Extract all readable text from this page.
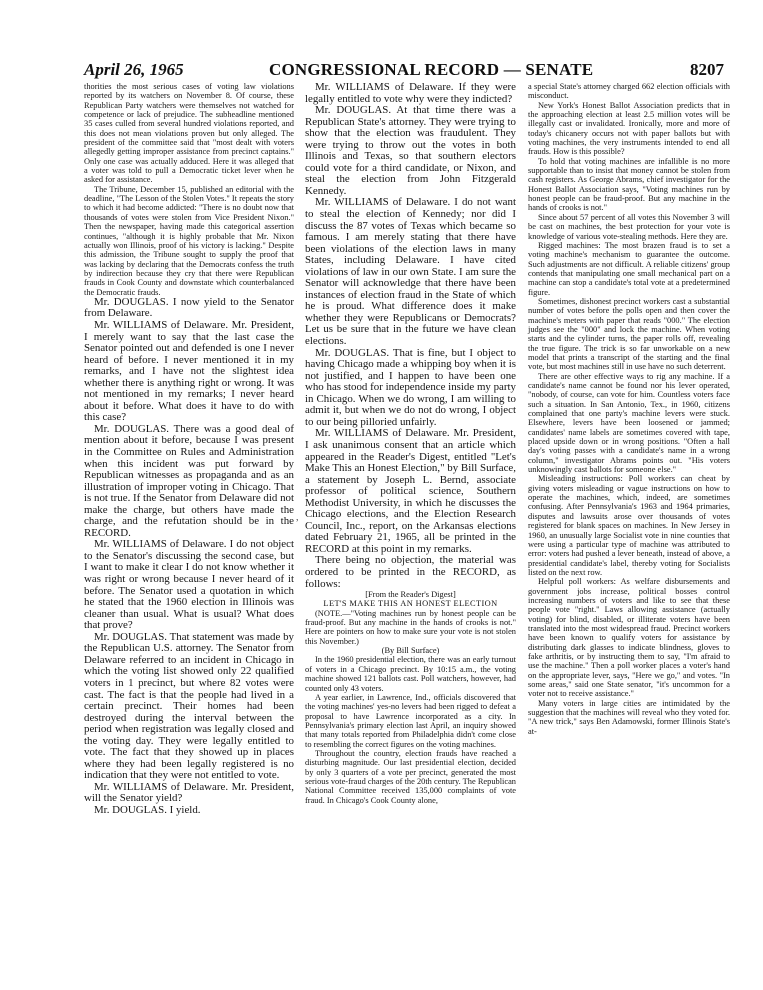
April 26, 1965	CONGRESSIONAL RECORD — SENATE	8207

thorities the most serious cases of voting law violations reported by its watchers on November 8. Of course, these Republican Party watchers were themselves not watched for competence or lack of prejudice. The subheadline mentioned 35 cases culled from several hundred violations reported, and this does not mean violations proven but only alleged. The president of the committee said that "most dealt with voters allegedly getting improper assistance from precinct captains." Only one case was actually adduced. Here it was alleged that a voter was told to pull a Democratic ticket lever when he asked for assistance.

The Tribune, December 15, published an editorial with the deadline, "The Lesson of the Stolen Votes." It repeats the story to which it had become addicted: "There is no doubt now that thousands of votes were stolen from Vice President Nixon." Then the newspaper, having made this categorical assertion continues, "although it is highly probable that Mr. Nixon actually won Illinois, proof of his victory is lacking." Despite this admission, the Tribune sought to supply the proof that was lacking by declaring that the Democrats confess the truth by indirection because they cry that there were Republican frauds in Cook County and downstate which counterbalanced the Democratic frauds.

Mr. DOUGLAS. I now yield to the Senator from Delaware.

Mr. WILLIAMS of Delaware. Mr. President, I merely want to say that the last case the Senator pointed out and defended is one I never heard of before. I never mentioned it in my remarks, and I have not the slightest idea whether there is anything right or wrong. It was not mentioned in my remarks; I never heard about it before. What does it have to do with this case?

Mr. DOUGLAS. There was a good deal of mention about it before, because I was present in the Committee on Rules and Administration when this incident was put forward by Republican witnesses as propaganda and as an illustration of improper voting in Chicago. That is not true. If the Senator from Delaware did not make the charge, but others have made the charge, and the refutation should be in the RECORD.

Mr. WILLIAMS of Delaware. I do not object to the Senator's discussing the second case, but I want to make it clear I do not know whether it was right or wrong because I never heard of it before. The Senator used a quotation in which he stated that the 1960 election in Illinois was cleaner than usual. What is usual? What does that prove?

Mr. DOUGLAS. That statement was made by the Republican U.S. attorney. The Senator from Delaware referred to an incident in Chicago in which the voting list showed only 22 qualified voters in 1 precinct, but where 82 votes were cast. The fact is that the people had lived in a certain precinct. Their homes had been destroyed during the interval between the period when registration was legally closed and the voting day. They were legally entitled to vote. The fact that they showed up in places where they had been legally registered is no indication that they were not entitled to vote.

Mr. WILLIAMS of Delaware. Mr. President, will the Senator yield?

Mr. DOUGLAS. I yield.

Mr. WILLIAMS of Delaware. If they were legally entitled to vote why were they indicted?

Mr. DOUGLAS. At that time there was a Republican State's attorney. They were trying to show that the election was fraudulent. They were trying to throw out the votes in both Illinois and Texas, so that southern electors could vote for a third candidate, or Nixon, and steal the election from John Fitzgerald Kennedy.

Mr. WILLIAMS of Delaware. I do not want to steal the election of Kennedy; nor did I discuss the 87 votes of Texas which became so famous. I am merely stating that there have been violations of the election laws in many States, including Delaware. I have cited violations of law in our own State. I am sure the Senator will acknowledge that there have been instances of election fraud in the State of which he is proud. What difference does it make whether they were Republicans or Democrats? Let us be sure that in the future we have clean elections.

Mr. DOUGLAS. That is fine, but I object to having Chicago made a whipping boy when it is not justified, and I happen to have been one who has stood for independence inside my party in Chicago. When we do wrong, I am willing to admit it, but when we do not do wrong, I object to our being pilloried unfairly.

Mr. WILLIAMS of Delaware. Mr. President, I ask unanimous consent that an article which appeared in the Reader's Digest, entitled "Let's Make This an Honest Election," by Bill Surface, a statement by Joseph L. Bernd, associate professor of political science, Southern Methodist University, in which he discusses the Chicago elections, and the Election Research Council, Inc., report, on the Arkansas elections dated February 21, 1965, all be printed in the RECORD at this point in my remarks.

There being no objection, the material was ordered to be printed in the RECORD, as follows:

[From the Reader's Digest]

LET'S MAKE THIS AN HONEST ELECTION

(NOTE.—"Voting machines run by honest people can be fraud-proof. But any machine in the hands of crooks is not." Here are pointers on how to make sure your vote is not stolen this November.)

(By Bill Surface)

In the 1960 presidential election, there was an early turnout of voters in a Chicago precinct. By 10:15 a.m., the voting machine showed 121 ballots cast. Poll watchers, however, had counted only 43 voters.

A year earlier, in Lawrence, Ind., officials discovered that the voting machines' yes-no levers had been rigged to defeat a proposal to have Lawrence incorporated as a city. In Pennsylvania's primary election last April, an inquiry showed that many totals reported from Philadelphia didn't come close to resembling the correct figures on the voting machines.

Throughout the country, election frauds have reached a disturbing magnitude. Our last presidential election, decided by only 3 quarters of a vote per precinct, generated the most serious vote-fraud charges of the 20th century. The Republican National Committee received 135,000 complaints of vote fraud. In Chicago's Cook County alone,

a special State's attorney charged 662 election officials with misconduct.

New York's Honest Ballot Association predicts that in the approaching election at least 2.5 million votes will be illegally cast or invalidated. Ironically, more and more of today's chicanery occurs not with paper ballots but with voting machines, the very instruments intended to end all frauds. How is this possible?

To hold that voting machines are infallible is no more supportable than to insist that money cannot be stolen from cash registers. As George Abrams, chief investigator for the Honest Ballot Association says, "Voting machines run by honest people can be fraud-proof. But any machine in the hands of crooks is not."

Since about 57 percent of all votes this November 3 will be cast on machines, the best protection for your vote is knowledge of various vote-stealing methods. Here they are.

Rigged machines: The most brazen fraud is to set a voting machine's mechanism to guarantee the outcome. Such adjustments are not difficult. A reliable citizens' group contends that manipulating one small mechanical part on a machine can stop a candidate's total vote at a predetermined figure.

Sometimes, dishonest precinct workers cast a substantial number of votes before the polls open and then cover the machine's meters with paper that reads "000." The election judges see the "000" and lock the machine. When voting starts and the cylinder turns, the paper rolls off, revealing the true figure. The trick is so far unworkable on a new model that prints a transcript of the starting and the final vote, but most machines still in use have no such deterrent.

There are other effective ways to rig any machine. If a candidate's name cannot be found nor his lever operated, "nobody, of course, can vote for him. Countless voters face such a situation. In San Antonio, Tex., in 1960, citizens complained that one party's machine levers were stuck. Elsewhere, levers have been loosened or jammed; candidates' name labels are sometimes covered with tape, placed upside down or in wrong positions. "Often a hall day's voting passes with a candidate's name in a wrong column," investigator Abrams points out. "His voters unknowingly cast ballots for someone else."

Misleading instructions: Poll workers can cheat by giving voters misleading or vague instructions on how to operate the machines, which, indeed, are sometimes confusing. After Pennsylvania's 1963 and 1964 primaries, disputes and lawsuits arose over thousands of votes registered for blank spaces on machines. In New Jersey in 1960, an unusually large Socialist vote in nine counties that were using a particular type of machine was attributed to error: voters had pushed a lever beneath, instead of above, a presidential candidate's label, thereby voting for Socialists listed on the next row.

Helpful poll workers: As welfare disbursements and government jobs increase, political bosses control increasing numbers of voters and like to see that these people vote "right." Laws allowing assistance (actually voting) for blind, disabled, or illiterate voters have been translated into the most widespread fraud. Precinct workers have been known to qualify voters for assistance by distributing dark glasses to indicate blindness, gloves to fake arthritis, or by instructing them to say, "I'm afraid to use the machine." Then a poll worker places a voter's hand on the appropriate lever, says, "Here we go," and votes. "In some areas," said one State senator, "it's uncommon for a voter not to receive assistance."

Many voters in large cities are intimidated by the suggestion that the machines will reveal who they voted for. "A new trick," says Ben Adamowski, former Illinois State's at-

,
